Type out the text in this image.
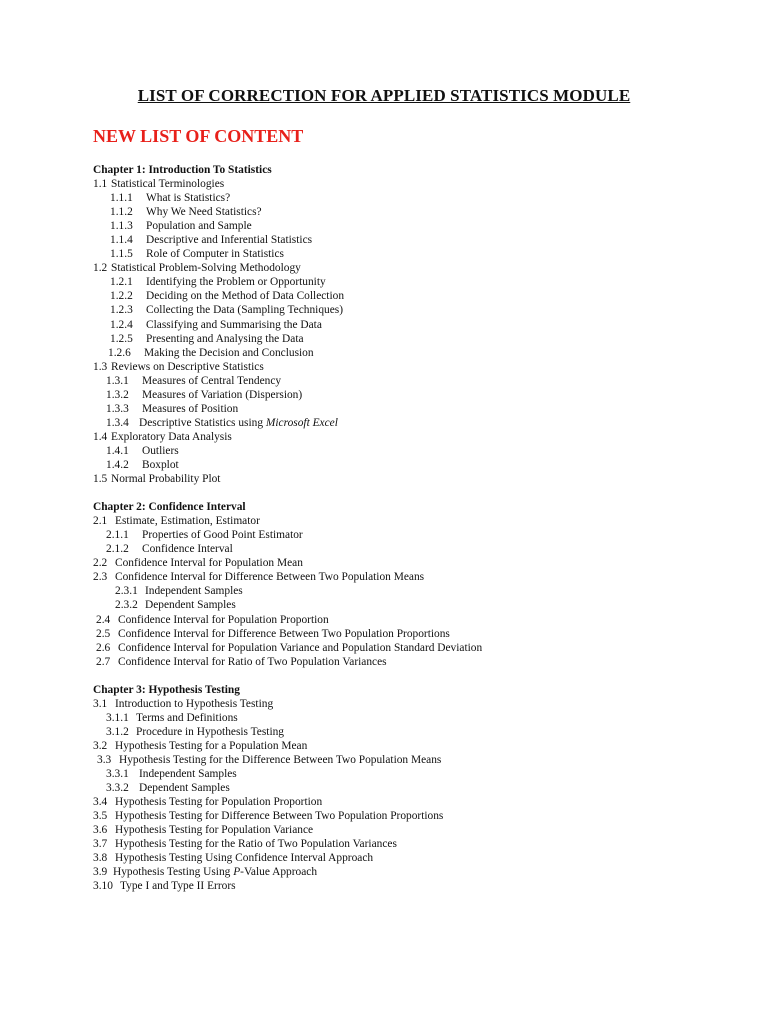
LIST OF CORRECTION FOR APPLIED STATISTICS MODULE
NEW LIST OF CONTENT
Chapter 1: Introduction To Statistics
1.1 Statistical Terminologies
1.1.1 What is Statistics?
1.1.2 Why We Need Statistics?
1.1.3 Population and Sample
1.1.4 Descriptive and Inferential Statistics
1.1.5 Role of Computer in Statistics
1.2 Statistical Problem-Solving Methodology
1.2.1 Identifying the Problem or Opportunity
1.2.2 Deciding on the Method of Data Collection
1.2.3 Collecting the Data (Sampling Techniques)
1.2.4 Classifying and Summarising the Data
1.2.5 Presenting and Analysing the Data
1.2.6 Making the Decision and Conclusion
1.3 Reviews on Descriptive Statistics
1.3.1 Measures of Central Tendency
1.3.2 Measures of Variation (Dispersion)
1.3.3 Measures of Position
1.3.4 Descriptive Statistics using Microsoft Excel
1.4 Exploratory Data Analysis
1.4.1 Outliers
1.4.2 Boxplot
1.5 Normal Probability Plot
Chapter 2: Confidence Interval
2.1 Estimate, Estimation, Estimator
2.1.1 Properties of Good Point Estimator
2.1.2 Confidence Interval
2.2 Confidence Interval for Population Mean
2.3 Confidence Interval for Difference Between Two Population Means
2.3.1 Independent Samples
2.3.2 Dependent Samples
2.4 Confidence Interval for Population Proportion
2.5 Confidence Interval for Difference Between Two Population Proportions
2.6 Confidence Interval for Population Variance and Population Standard Deviation
2.7 Confidence Interval for Ratio of Two Population Variances
Chapter 3: Hypothesis Testing
3.1 Introduction to Hypothesis Testing
3.1.1 Terms and Definitions
3.1.2 Procedure in Hypothesis Testing
3.2 Hypothesis Testing for a Population Mean
3.3 Hypothesis Testing for the Difference Between Two Population Means
3.3.1 Independent Samples
3.3.2 Dependent Samples
3.4 Hypothesis Testing for Population Proportion
3.5 Hypothesis Testing for Difference Between Two Population Proportions
3.6 Hypothesis Testing for Population Variance
3.7 Hypothesis Testing for the Ratio of Two Population Variances
3.8 Hypothesis Testing Using Confidence Interval Approach
3.9 Hypothesis Testing Using P-Value Approach
3.10 Type I and Type II Errors
